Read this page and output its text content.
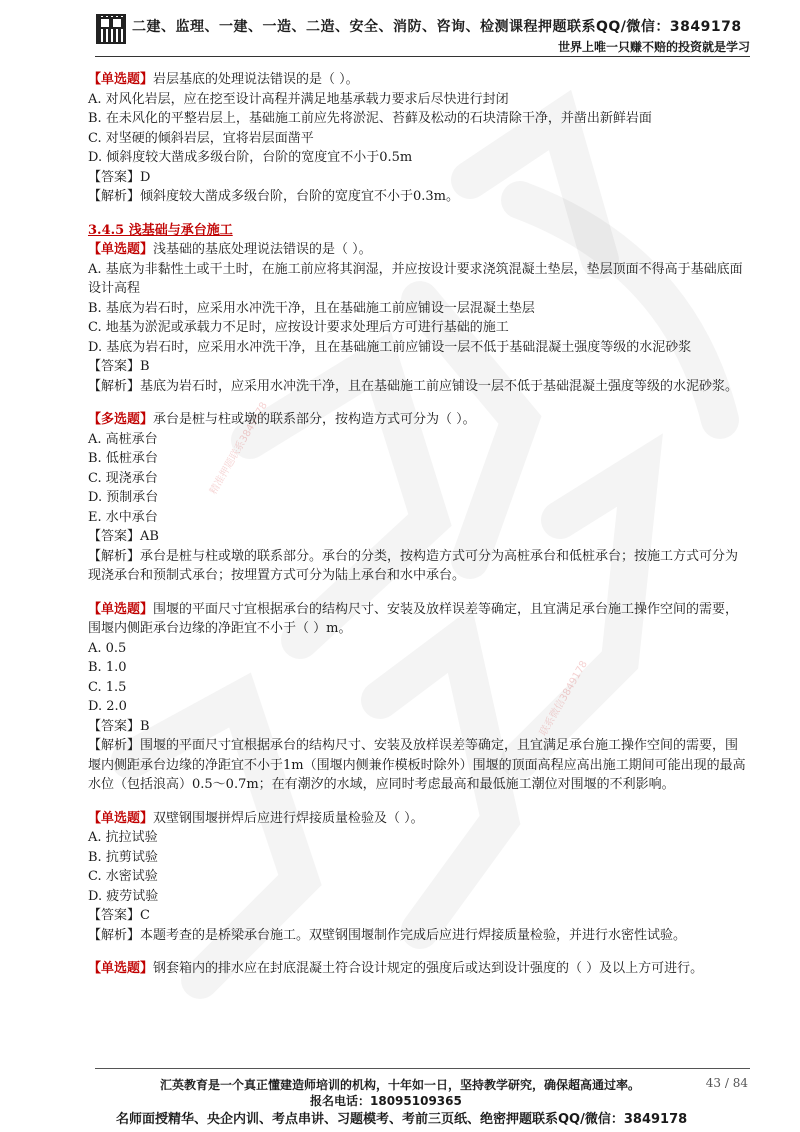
精准押题联系3849178
联系微信3849178
二建、监理、一建、一造、二造、安全、消防、咨询、检测课程押题联系QQ/微信：3849178
世界上唯一只赚不赔的投资就是学习
【单选题】岩层基底的处理说法错误的是（ ）。
A. 对风化岩层，应在挖至设计高程并满足地基承载力要求后尽快进行封闭
B. 在未风化的平整岩层上，基础施工前应先将淤泥、苔藓及松动的石块清除干净，并凿出新鲜岩面
C. 对坚硬的倾斜岩层，宜将岩层面凿平
D. 倾斜度较大凿成多级台阶，台阶的宽度宜不小于0.5m
【答案】D
【解析】倾斜度较大凿成多级台阶，台阶的宽度宜不小于0.3m。
3.4.5 浅基础与承台施工
【单选题】浅基础的基底处理说法错误的是（ ）。
A. 基底为非黏性土或干土时，在施工前应将其润湿，并应按设计要求浇筑混凝土垫层，垫层顶面不得高于基础底面设计高程
B. 基底为岩石时，应采用水冲洗干净，且在基础施工前应铺设一层混凝土垫层
C. 地基为淤泥或承载力不足时，应按设计要求处理后方可进行基础的施工
D. 基底为岩石时，应采用水冲洗干净，且在基础施工前应铺设一层不低于基础混凝土强度等级的水泥砂浆
【答案】B
【解析】基底为岩石时，应采用水冲洗干净，且在基础施工前应铺设一层不低于基础混凝土强度等级的水泥砂浆。
【多选题】承台是桩与柱或墩的联系部分，按构造方式可分为（ ）。
A. 高桩承台
B. 低桩承台
C. 现浇承台
D. 预制承台
E. 水中承台
【答案】AB
【解析】承台是桩与柱或墩的联系部分。承台的分类，按构造方式可分为高桩承台和低桩承台；按施工方式可分为现浇承台和预制式承台；按埋置方式可分为陆上承台和水中承台。
【单选题】围堰的平面尺寸宜根据承台的结构尺寸、安装及放样误差等确定，且宜满足承台施工操作空间的需要，围堰内侧距承台边缘的净距宜不小于（ ）m。
A. 0.5
B. 1.0
C. 1.5
D. 2.0
【答案】B
【解析】围堰的平面尺寸宜根据承台的结构尺寸、安装及放样误差等确定，且宜满足承台施工操作空间的需要，围堰内侧距承台边缘的净距宜不小于1m（围堰内侧兼作模板时除外）围堰的顶面高程应高出施工期间可能出现的最高水位（包括浪高）0.5～0.7m；在有潮汐的水域，应同时考虑最高和最低施工潮位对围堰的不利影响。
【单选题】双壁钢围堰拼焊后应进行焊接质量检验及（ ）。
A. 抗拉试验
B. 抗剪试验
C. 水密试验
D. 疲劳试验
【答案】C
【解析】本题考查的是桥梁承台施工。双壁钢围堰制作完成后应进行焊接质量检验，并进行水密性试验。
【单选题】钢套箱内的排水应在封底混凝土符合设计规定的强度后或达到设计强度的（ ）及以上方可进行。
汇英教育是一个真正懂建造师培训的机构，十年如一日，坚持教学研究，确保超高通过率。	43 / 84
报名电话：18095109365
名师面授精华、央企内训、考点串讲、习题模考、考前三页纸、绝密押题联系QQ/微信：3849178
